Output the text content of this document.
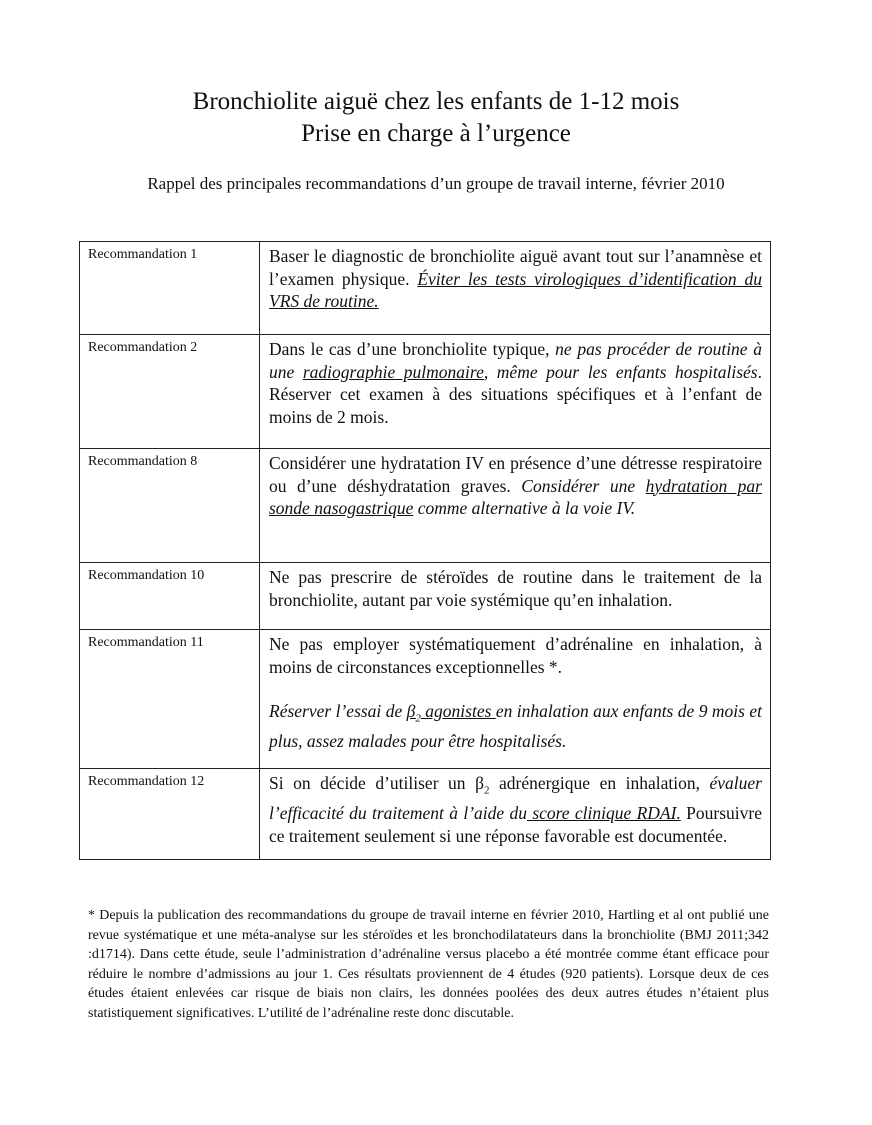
Bronchiolite aiguë chez les enfants de 1-12 mois
Prise en charge à l’urgence
Rappel des principales recommandations d’un groupe de travail interne, février 2010
Recommandation 1	Baser le diagnostic de bronchiolite aiguë avant tout sur l’anamnèse et l’examen physique. Éviter les tests virologiques d’identification du VRS de routine.

Recommandation 2	Dans le cas d’une bronchiolite typique, ne pas procéder de routine à une radiographie pulmonaire, même pour les enfants hospitalisés. Réserver cet examen à des situations spécifiques et à l’enfant de moins de 2 mois.

Recommandation 8	Considérer une hydratation IV en présence d’une détresse respiratoire ou d’une déshydratation graves. Considérer une hydratation par sonde nasogastrique comme alternative à la voie IV.

Recommandation 10	Ne pas prescrire de stéroïdes de routine dans le traitement de la bronchiolite, autant par voie systémique qu’en inhalation.

Recommandation 11	Ne pas employer systématiquement d’adrénaline en inhalation, à moins de circonstances exceptionnelles *.

Réserver l’essai de $\beta_2$ agonistes en inhalation aux enfants de 9 mois et plus, assez malades pour être hospitalisés.

Recommandation 12	Si on décide d’utiliser un $\beta_2$ adrénergique en inhalation, évaluer l’efficacité du traitement à l’aide du score clinique RDAI. Poursuivre ce traitement seulement si une réponse favorable est documentée.

* Depuis la publication des recommandations du groupe de travail interne en février 2010, Hartling et al ont publié une revue systématique et une méta-analyse sur les stéroïdes et les bronchodilatateurs dans la bronchiolite (BMJ 2011;342 :d1714). Dans cette étude, seule l’administration d’adrénaline versus placebo a été montrée comme étant efficace pour réduire le nombre d’admissions au jour 1. Ces résultats proviennent de 4 études (920 patients). Lorsque deux de ces études étaient enlevées car risque de biais non clairs, les données poolées des deux autres études n’étaient plus statistiquement significatives. L’utilité de l’adrénaline reste donc discutable.
